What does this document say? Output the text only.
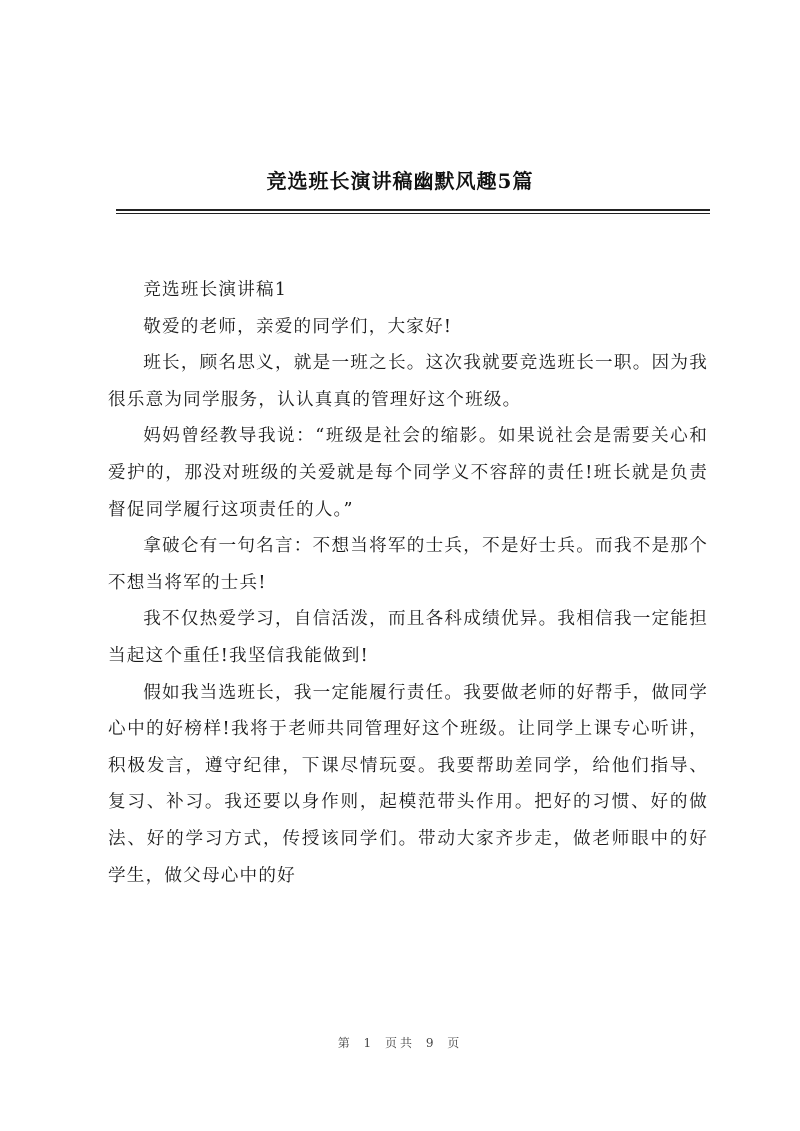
竞选班长演讲稿幽默风趣5篇

竞选班长演讲稿1

敬爱的老师，亲爱的同学们，大家好!

班长，顾名思义，就是一班之长。这次我就要竞选班长一职。因为我很乐意为同学服务，认认真真的管理好这个班级。

妈妈曾经教导我说：“班级是社会的缩影。如果说社会是需要关心和爱护的，那没对班级的关爱就是每个同学义不容辞的责任!班长就是负责督促同学履行这项责任的人。”

拿破仑有一句名言：不想当将军的士兵，不是好士兵。而我不是那个不想当将军的士兵!

我不仅热爱学习，自信活泼，而且各科成绩优异。我相信我一定能担当起这个重任!我坚信我能做到!

假如我当选班长，我一定能履行责任。我要做老师的好帮手，做同学心中的好榜样!我将于老师共同管理好这个班级。让同学上课专心听讲，积极发言，遵守纪律，下课尽情玩耍。我要帮助差同学，给他们指导、复习、补习。我还要以身作则，起模范带头作用。把好的习惯、好的做法、好的学习方式，传授该同学们。带动大家齐步走，做老师眼中的好学生，做父母心中的好

第 1 页共 9 页
